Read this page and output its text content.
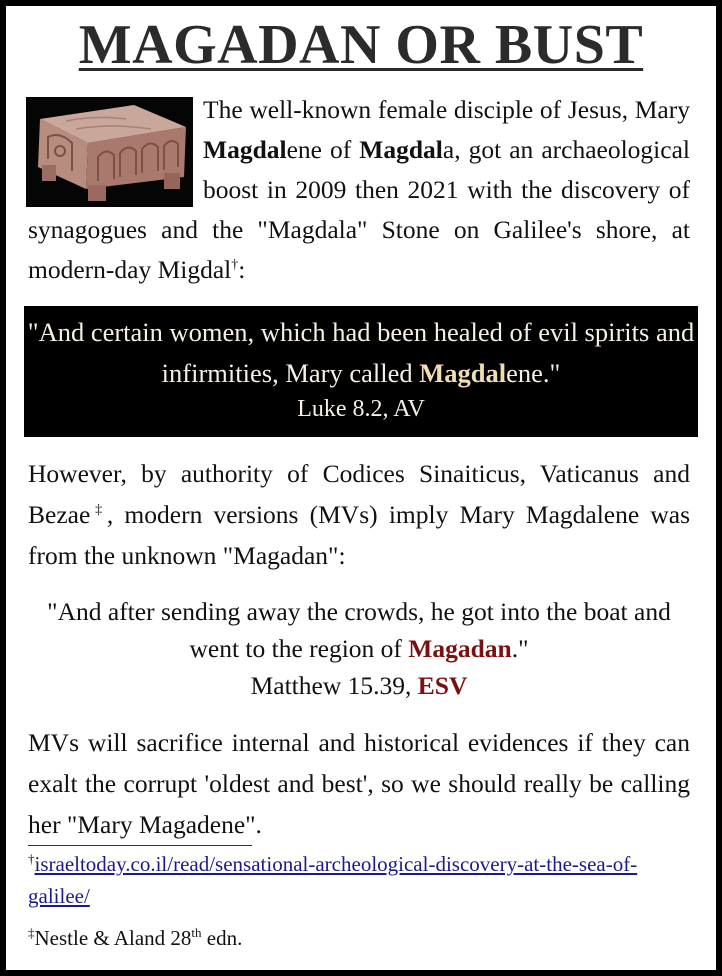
MAGADAN OR BUST

The well-known female disciple of Jesus, Mary Magdalene of Magdala, got an archaeological boost in 2009 then 2021 with the discovery of synagogues and the "Magdala" Stone on Galilee's shore, at modern-day Migdal†:

"And certain women, which had been healed of evil spirits and infirmities, Mary called Magdalene."
Luke 8.2, AV

However, by authority of Codices Sinaiticus, Vaticanus and Bezae‡, modern versions (MVs) imply Mary Magdalene was from the unknown "Magadan":

"And after sending away the crowds, he got into the boat and went to the region of Magadan."
Matthew 15.39, ESV

MVs will sacrifice internal and historical evidences if they can exalt the corrupt 'oldest and best', so we should really be calling her "Mary Magadene".

†israeltoday.co.il/read/sensational-archeological-discovery-at-the-sea-of-galilee/
‡Nestle & Aland 28th edn.
